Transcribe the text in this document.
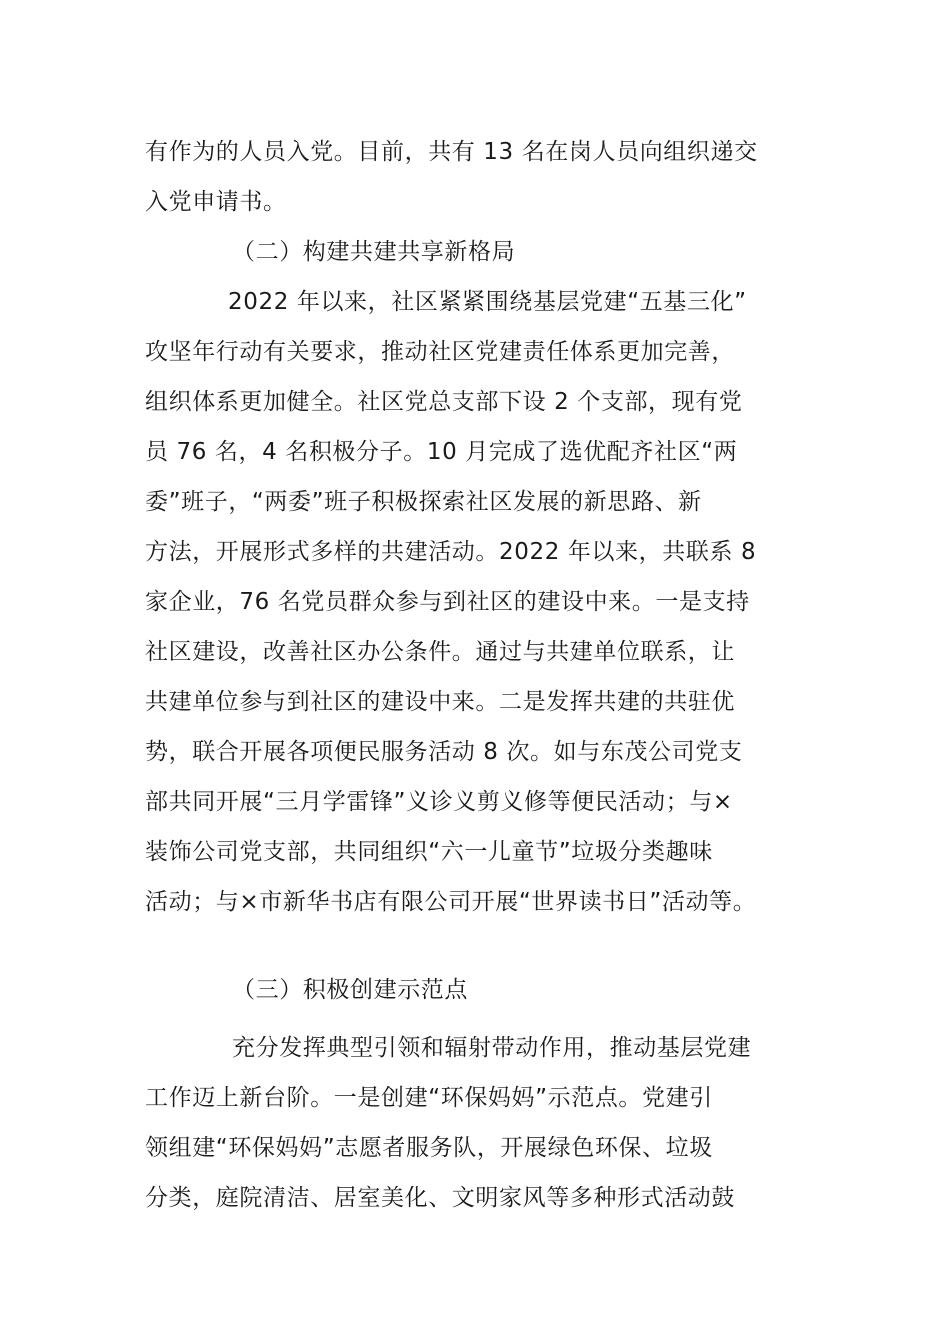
有作为的人员入党。目前，共有 13 名在岗人员向组织递交

入党申请书。

（二）构建共建共享新格局

2022 年以来，社区紧紧围绕基层党建“五基三化”

攻坚年行动有关要求，推动社区党建责任体系更加完善，

组织体系更加健全。社区党总支部下设 2 个支部，现有党

员 76 名，4 名积极分子。10 月完成了选优配齐社区“两

委”班子，“两委”班子积极探索社区发展的新思路、新

方法，开展形式多样的共建活动。2022 年以来，共联系 8

家企业，76 名党员群众参与到社区的建设中来。一是支持

社区建设，改善社区办公条件。通过与共建单位联系，让

共建单位参与到社区的建设中来。二是发挥共建的共驻优

势，联合开展各项便民服务活动 8 次。如与东茂公司党支

部共同开展“三月学雷锋”义诊义剪义修等便民活动；与×

装饰公司党支部，共同组织“六一儿童节”垃圾分类趣味

活动；与×市新华书店有限公司开展“世界读书日”活动等。

（三）积极创建示范点

充分发挥典型引领和辐射带动作用，推动基层党建

工作迈上新台阶。一是创建“环保妈妈”示范点。党建引

领组建“环保妈妈”志愿者服务队，开展绿色环保、垃圾

分类，庭院清洁、居室美化、文明家风等多种形式活动鼓
